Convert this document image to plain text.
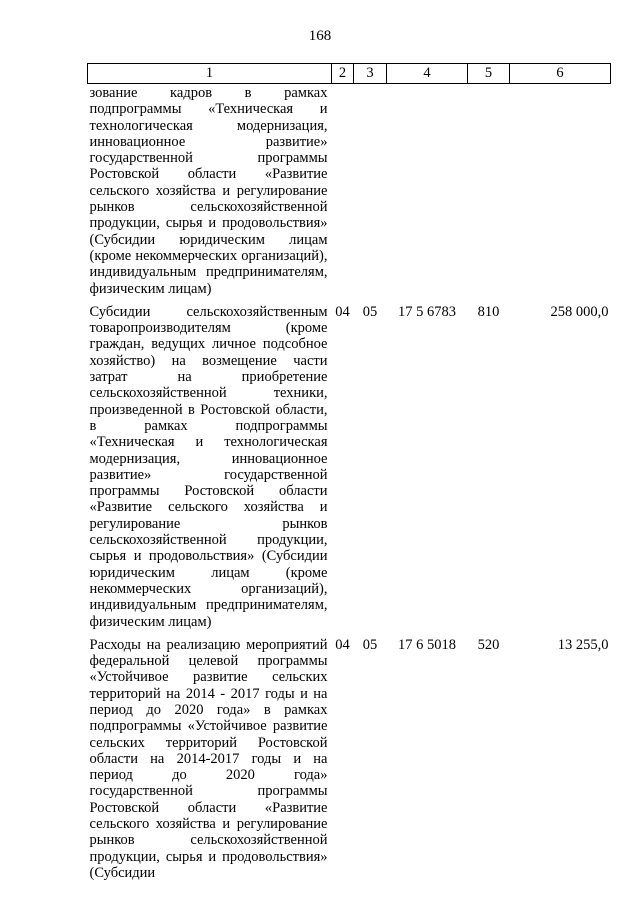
168
1	2	3	4	5	6
зование кадров в рамках подпрограммы «Техническая и технологическая модернизация, инновационное развитие» государственной программы Ростовской области «Развитие сельского хозяйства и регулирование рынков сельскохозяйственной продукции, сырья и продовольствия» (Субсидии юридическим лицам (кроме некоммерческих организаций), индивидуальным предпринимателям, физическим лицам)					
Субсидии сельскохозяйственным товаропроизводителям (кроме граждан, ведущих личное подсобное хозяйство) на возмещение части затрат на приобретение сельскохозяйственной техники, произведенной в Ростовской области, в рамках подпрограммы «Техническая и технологическая модернизация, инновационное развитие» государственной программы Ростовской области «Развитие сельского хозяйства и регулирование рынков сельскохозяйственной продукции, сырья и продовольствия» (Субсидии юридическим лицам (кроме некоммерческих организаций), индивидуальным предпринимателям, физическим лицам)	04	05	17 5 6783	810	258 000,0
Расходы на реализацию мероприятий федеральной целевой программы «Устойчивое развитие сельских территорий на 2014 - 2017 годы и на период до 2020 года» в рамках подпрограммы «Устойчивое развитие сельских территорий Ростовской области на 2014-2017 годы и на период до 2020 года» государственной программы Ростовской области «Развитие сельского хозяйства и регулирование рынков сельскохозяйственной продукции, сырья и продовольствия» (Субсидии	04	05	17 6 5018	520	13 255,0
